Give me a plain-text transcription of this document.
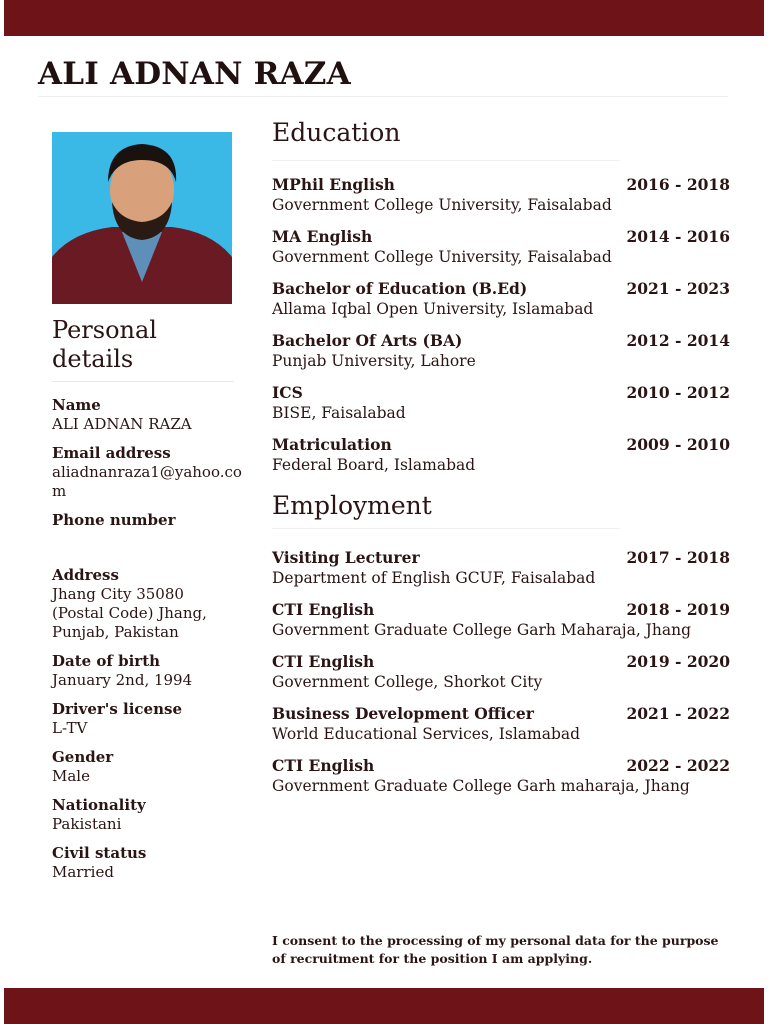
ALI ADNAN RAZA
Personal details
Name
ALI ADNAN RAZA
Email address
aliadnanraza1@yahoo.com
Phone number
Address
Jhang City 35080 (Postal Code) Jhang, Punjab, Pakistan
Date of birth
January 2nd, 1994
Driver's license
L-TV
Gender
Male
Nationality
Pakistani
Civil status
Married
Education
MPhil English
Government College University, Faisalabad
2016 - 2018
MA English
Government College University, Faisalabad
2014 - 2016
Bachelor of Education (B.Ed)
Allama Iqbal Open University, Islamabad
2021 - 2023
Bachelor Of Arts (BA)
Punjab University, Lahore
2012 - 2014
ICS
BISE, Faisalabad
2010 - 2012
Matriculation
Federal Board, Islamabad
2009 - 2010
Employment
Visiting Lecturer
Department of English GCUF, Faisalabad
2017 - 2018
CTI English
Government Graduate College Garh Maharaja, Jhang
2018 - 2019
CTI English
Government College, Shorkot City
2019 - 2020
Business Development Officer
World Educational Services, Islamabad
2021 - 2022
CTI English
Government Graduate College Garh maharaja, Jhang
2022 - 2022
I consent to the processing of my personal data for the purpose of recruitment for the position I am applying.
